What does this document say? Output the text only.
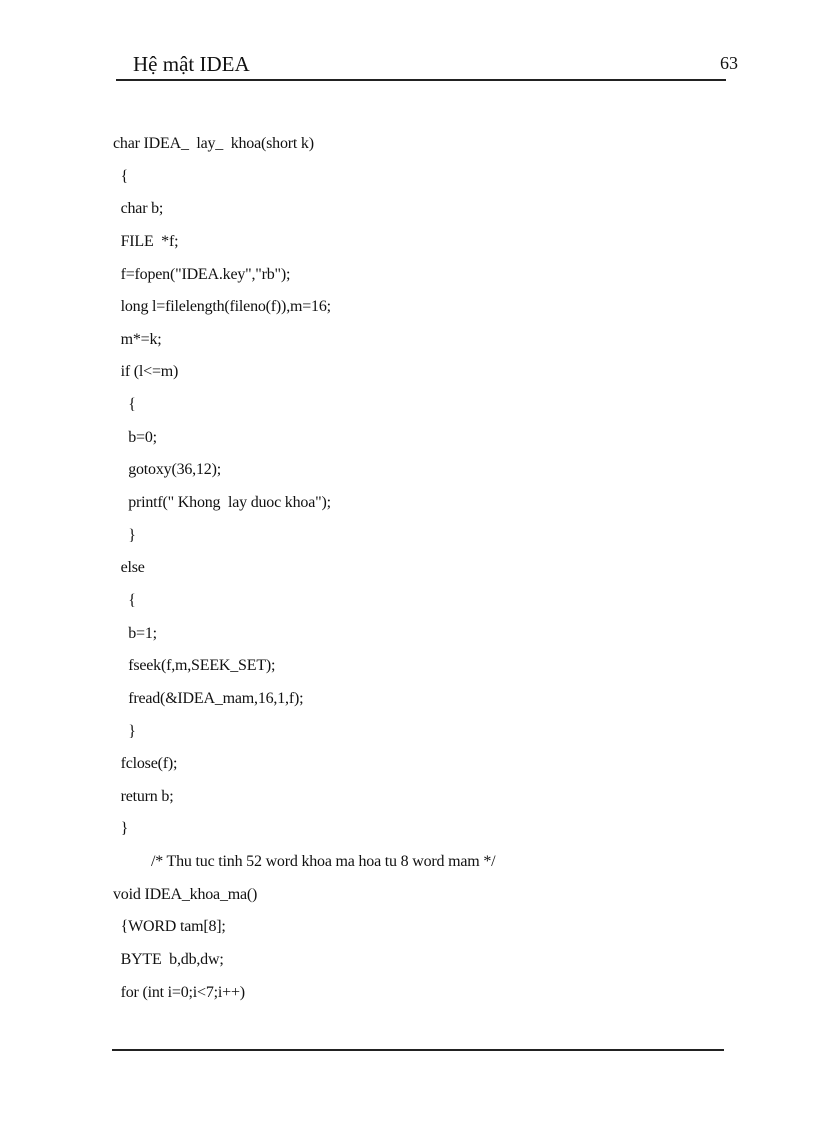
Hệ mật IDEA	63
char IDEA_  lay_  khoa(short k)
{
char b;
FILE  *f;
f=fopen("IDEA.key","rb");
long l=filelength(fileno(f)),m=16;
m*=k;
if (l<=m)
{
b=0;
gotoxy(36,12);
printf(" Khong  lay duoc khoa");
}
else
{
b=1;
fseek(f,m,SEEK_SET);
fread(&IDEA_mam,16,1,f);
}
fclose(f);
return b;
}
/* Thu tuc tinh 52 word khoa ma hoa tu 8 word mam */
void IDEA_khoa_ma()
{WORD tam[8];
BYTE  b,db,dw;
for (int i=0;i<7;i++)
